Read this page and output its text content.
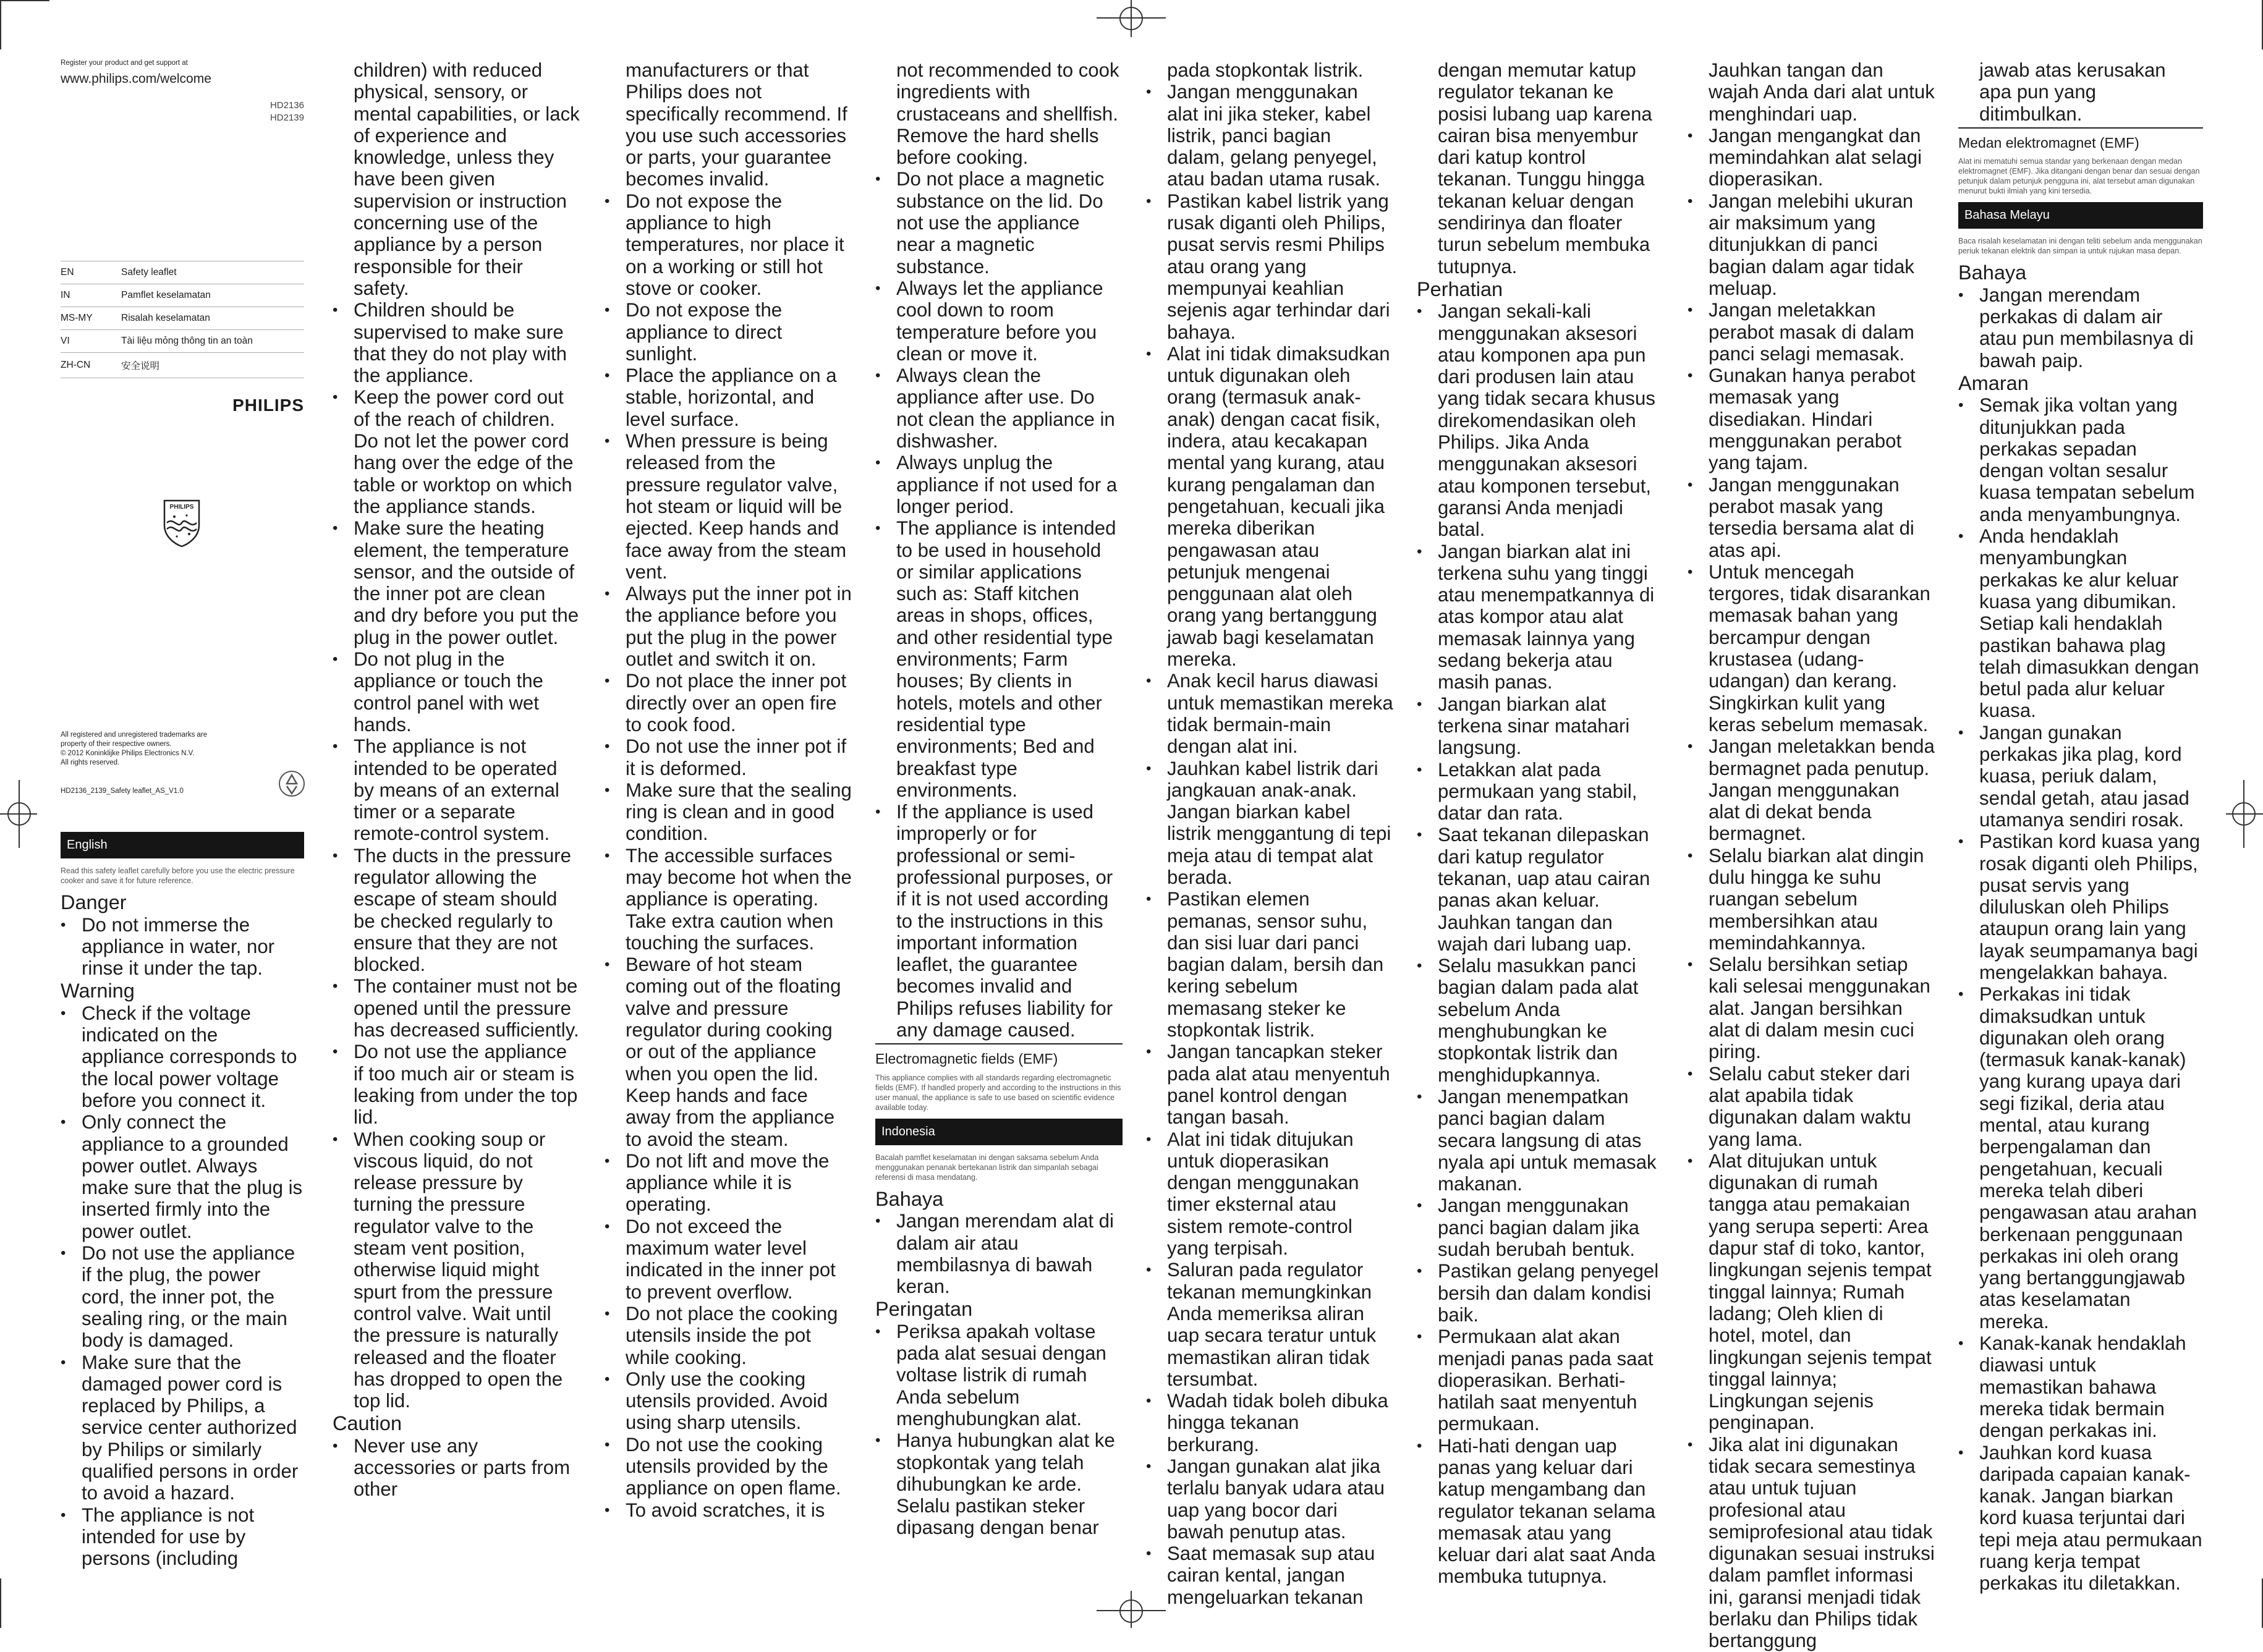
Register your product and get support at
www.philips.com/welcome
HD2136
HD2139
EN	Safety leaflet
IN	Pamflet keselamatan
MS-MY	Risalah keselamatan
VI	Tài liệu mỏng thông tin an toàn
ZH-CN	安全说明
PHILIPS
PHILIPS
All registered and unregistered trademarks are
property of their respective owners.
© 2012 Koninklijke Philips Electronics N.V.
All rights reserved.
HD2136_2139_Safety leaflet_AS_V1.0
English

Read this safety leaflet carefully before you use the electric pressure cooker and save it for future reference.

Danger

• Do not immerse the appliance in water, nor rinse it under the tap.

Warning

• Check if the voltage indicated on the appliance corresponds to the local power voltage before you connect it.
• Only connect the appliance to a grounded power outlet. Always make sure that the plug is inserted firmly into the power outlet.
• Do not use the appliance if the plug, the power cord, the inner pot, the sealing ring, or the main body is damaged.
• Make sure that the damaged power cord is replaced by Philips, a service center authorized by Philips or similarly qualified persons in order to avoid a hazard.
• The appliance is not intended for use by persons (including

children) with reduced physical, sensory, or mental capabilities, or lack of experience and knowledge, unless they have been given supervision or instruction concerning use of the appliance by a person responsible for their safety.

• Children should be supervised to make sure that they do not play with the appliance.
• Keep the power cord out of the reach of children. Do not let the power cord hang over the edge of the table or worktop on which the appliance stands.
• Make sure the heating element, the temperature sensor, and the outside of the inner pot are clean and dry before you put the plug in the power outlet.
• Do not plug in the appliance or touch the control panel with wet hands.
• The appliance is not intended to be operated by means of an external timer or a separate remote-control system.
• The ducts in the pressure regulator allowing the escape of steam should be checked regularly to ensure that they are not blocked.
• The container must not be opened until the pressure has decreased sufficiently.
• Do not use the appliance if too much air or steam is leaking from under the top lid.
• When cooking soup or viscous liquid, do not release pressure by turning the pressure regulator valve to the steam vent position, otherwise liquid might spurt from the pressure control valve. Wait until the pressure is naturally released and the floater has dropped to open the top lid.

Caution

• Never use any accessories or parts from other

manufacturers or that Philips does not specifically recommend. If you use such accessories or parts, your guarantee becomes invalid.

• Do not expose the appliance to high temperatures, nor place it on a working or still hot stove or cooker.
• Do not expose the appliance to direct sunlight.
• Place the appliance on a stable, horizontal, and level surface.
• When pressure is being released from the pressure regulator valve, hot steam or liquid will be ejected. Keep hands and face away from the steam vent.
• Always put the inner pot in the appliance before you put the plug in the power outlet and switch it on.
• Do not place the inner pot directly over an open fire to cook food.
• Do not use the inner pot if it is deformed.
• Make sure that the sealing ring is clean and in good condition.
• The accessible surfaces may become hot when the appliance is operating. Take extra caution when touching the surfaces.
• Beware of hot steam coming out of the floating valve and pressure regulator during cooking or out of the appliance when you open the lid. Keep hands and face away from the appliance to avoid the steam.
• Do not lift and move the appliance while it is operating.
• Do not exceed the maximum water level indicated in the inner pot to prevent overflow.
• Do not place the cooking utensils inside the pot while cooking.
• Only use the cooking utensils provided. Avoid using sharp utensils.
• Do not use the cooking utensils provided by the appliance on open flame.
• To avoid scratches, it is

not recommended to cook ingredients with crustaceans and shellfish. Remove the hard shells before cooking.

• Do not place a magnetic substance on the lid. Do not use the appliance near a magnetic substance.
• Always let the appliance cool down to room temperature before you clean or move it.
• Always clean the appliance after use. Do not clean the appliance in dishwasher.
• Always unplug the appliance if not used for a longer period.
• The appliance is intended to be used in household or similar applications such as: Staff kitchen areas in shops, offices, and other residential type environments; Farm houses; By clients in hotels, motels and other residential type environments; Bed and breakfast type environments.
• If the appliance is used improperly or for professional or semi-professional purposes, or if it is not used according to the instructions in this important information leaflet, the guarantee becomes invalid and Philips refuses liability for any damage caused.

Electromagnetic fields (EMF)

This appliance complies with all standards regarding electromagnetic fields (EMF). If handled properly and according to the instructions in this user manual, the appliance is safe to use based on scientific evidence available today.

Indonesia

Bacalah pamflet keselamatan ini dengan saksama sebelum Anda menggunakan penanak bertekanan listrik dan simpanlah sebagai referensi di masa mendatang.

Bahaya

• Jangan merendam alat di dalam air atau membilasnya di bawah keran.

Peringatan

• Periksa apakah voltase pada alat sesuai dengan voltase listrik di rumah Anda sebelum menghubungkan alat.
• Hanya hubungkan alat ke stopkontak yang telah dihubungkan ke arde. Selalu pastikan steker dipasang dengan benar

pada stopkontak listrik.

• Jangan menggunakan alat ini jika steker, kabel listrik, panci bagian dalam, gelang penyegel, atau badan utama rusak.
• Pastikan kabel listrik yang rusak diganti oleh Philips, pusat servis resmi Philips atau orang yang mempunyai keahlian sejenis agar terhindar dari bahaya.
• Alat ini tidak dimaksudkan untuk digunakan oleh orang (termasuk anak-anak) dengan cacat fisik, indera, atau kecakapan mental yang kurang, atau kurang pengalaman dan pengetahuan, kecuali jika mereka diberikan pengawasan atau petunjuk mengenai penggunaan alat oleh orang yang bertanggung jawab bagi keselamatan mereka.
• Anak kecil harus diawasi untuk memastikan mereka tidak bermain-main dengan alat ini.
• Jauhkan kabel listrik dari jangkauan anak-anak. Jangan biarkan kabel listrik menggantung di tepi meja atau di tempat alat berada.
• Pastikan elemen pemanas, sensor suhu, dan sisi luar dari panci bagian dalam, bersih dan kering sebelum memasang steker ke stopkontak listrik.
• Jangan tancapkan steker pada alat atau menyentuh panel kontrol dengan tangan basah.
• Alat ini tidak ditujukan untuk dioperasikan dengan menggunakan timer eksternal atau sistem remote-control yang terpisah.
• Saluran pada regulator tekanan memungkinkan Anda memeriksa aliran uap secara teratur untuk memastikan aliran tidak tersumbat.
• Wadah tidak boleh dibuka hingga tekanan berkurang.
• Jangan gunakan alat jika terlalu banyak udara atau uap yang bocor dari bawah penutup atas.
• Saat memasak sup atau cairan kental, jangan mengeluarkan tekanan

dengan memutar katup regulator tekanan ke posisi lubang uap karena cairan bisa menyembur dari katup kontrol tekanan. Tunggu hingga tekanan keluar dengan sendirinya dan floater turun sebelum membuka tutupnya.

Perhatian

• Jangan sekali-kali menggunakan aksesori atau komponen apa pun dari produsen lain atau yang tidak secara khusus direkomendasikan oleh Philips. Jika Anda menggunakan aksesori atau komponen tersebut, garansi Anda menjadi batal.
• Jangan biarkan alat ini terkena suhu yang tinggi atau menempatkannya di atas kompor atau alat memasak lainnya yang sedang bekerja atau masih panas.
• Jangan biarkan alat terkena sinar matahari langsung.
• Letakkan alat pada permukaan yang stabil, datar dan rata.
• Saat tekanan dilepaskan dari katup regulator tekanan, uap atau cairan panas akan keluar. Jauhkan tangan dan wajah dari lubang uap.
• Selalu masukkan panci bagian dalam pada alat sebelum Anda menghubungkan ke stopkontak listrik dan menghidupkannya.
• Jangan menempatkan panci bagian dalam secara langsung di atas nyala api untuk memasak makanan.
• Jangan menggunakan panci bagian dalam jika sudah berubah bentuk.
• Pastikan gelang penyegel bersih dan dalam kondisi baik.
• Permukaan alat akan menjadi panas pada saat dioperasikan. Berhati-hatilah saat menyentuh permukaan.
• Hati-hati dengan uap panas yang keluar dari katup mengambang dan regulator tekanan selama memasak atau yang keluar dari alat saat Anda membuka tutupnya.

Jauhkan tangan dan wajah Anda dari alat untuk menghindari uap.

• Jangan mengangkat dan memindahkan alat selagi dioperasikan.
• Jangan melebihi ukuran air maksimum yang ditunjukkan di panci bagian dalam agar tidak meluap.
• Jangan meletakkan perabot masak di dalam panci selagi memasak.
• Gunakan hanya perabot memasak yang disediakan. Hindari menggunakan perabot yang tajam.
• Jangan menggunakan perabot masak yang tersedia bersama alat di atas api.
• Untuk mencegah tergores, tidak disarankan memasak bahan yang bercampur dengan krustasea (udang-udangan) dan kerang. Singkirkan kulit yang keras sebelum memasak.
• Jangan meletakkan benda bermagnet pada penutup. Jangan menggunakan alat di dekat benda bermagnet.
• Selalu biarkan alat dingin dulu hingga ke suhu ruangan sebelum membersihkan atau memindahkannya.
• Selalu bersihkan setiap kali selesai menggunakan alat. Jangan bersihkan alat di dalam mesin cuci piring.
• Selalu cabut steker dari alat apabila tidak digunakan dalam waktu yang lama.
• Alat ditujukan untuk digunakan di rumah tangga atau pemakaian yang serupa seperti: Area dapur staf di toko, kantor, lingkungan sejenis tempat tinggal lainnya; Rumah ladang; Oleh klien di hotel, motel, dan lingkungan sejenis tempat tinggal lainnya; Lingkungan sejenis penginapan.
• Jika alat ini digunakan tidak secara semestinya atau untuk tujuan profesional atau semiprofesional atau tidak digunakan sesuai instruksi dalam pamflet informasi ini, garansi menjadi tidak berlaku dan Philips tidak bertanggung

jawab atas kerusakan apa pun yang ditimbulkan.

Medan elektromagnet (EMF)

Alat ini mematuhi semua standar yang berkenaan dengan medan elektromagnet (EMF). Jika ditangani dengan benar dan sesuai dengan petunjuk dalam petunjuk pengguna ini, alat tersebut aman digunakan menurut bukti ilmiah yang kini tersedia.

Bahasa Melayu

Baca risalah keselamatan ini dengan teliti sebelum anda menggunakan periuk tekanan elektrik dan simpan ia untuk rujukan masa depan.

Bahaya

• Jangan merendam perkakas di dalam air atau pun membilasnya di bawah paip.

Amaran

• Semak jika voltan yang ditunjukkan pada perkakas sepadan dengan voltan sesalur kuasa tempatan sebelum anda menyambungnya.
• Anda hendaklah menyambungkan perkakas ke alur keluar kuasa yang dibumikan. Setiap kali hendaklah pastikan bahawa plag telah dimasukkan dengan betul pada alur keluar kuasa.
• Jangan gunakan perkakas jika plag, kord kuasa, periuk dalam, sendal getah, atau jasad utamanya sendiri rosak.
• Pastikan kord kuasa yang rosak diganti oleh Philips, pusat servis yang diluluskan oleh Philips ataupun orang lain yang layak seumpamanya bagi mengelakkan bahaya.
• Perkakas ini tidak dimaksudkan untuk digunakan oleh orang (termasuk kanak-kanak) yang kurang upaya dari segi fizikal, deria atau mental, atau kurang berpengalaman dan pengetahuan, kecuali mereka telah diberi pengawasan atau arahan berkenaan penggunaan perkakas ini oleh orang yang bertanggungjawab atas keselamatan mereka.
• Kanak-kanak hendaklah diawasi untuk memastikan bahawa mereka tidak bermain dengan perkakas ini.
• Jauhkan kord kuasa daripada capaian kanak-kanak. Jangan biarkan kord kuasa terjuntai dari tepi meja atau permukaan ruang kerja tempat perkakas itu diletakkan.
